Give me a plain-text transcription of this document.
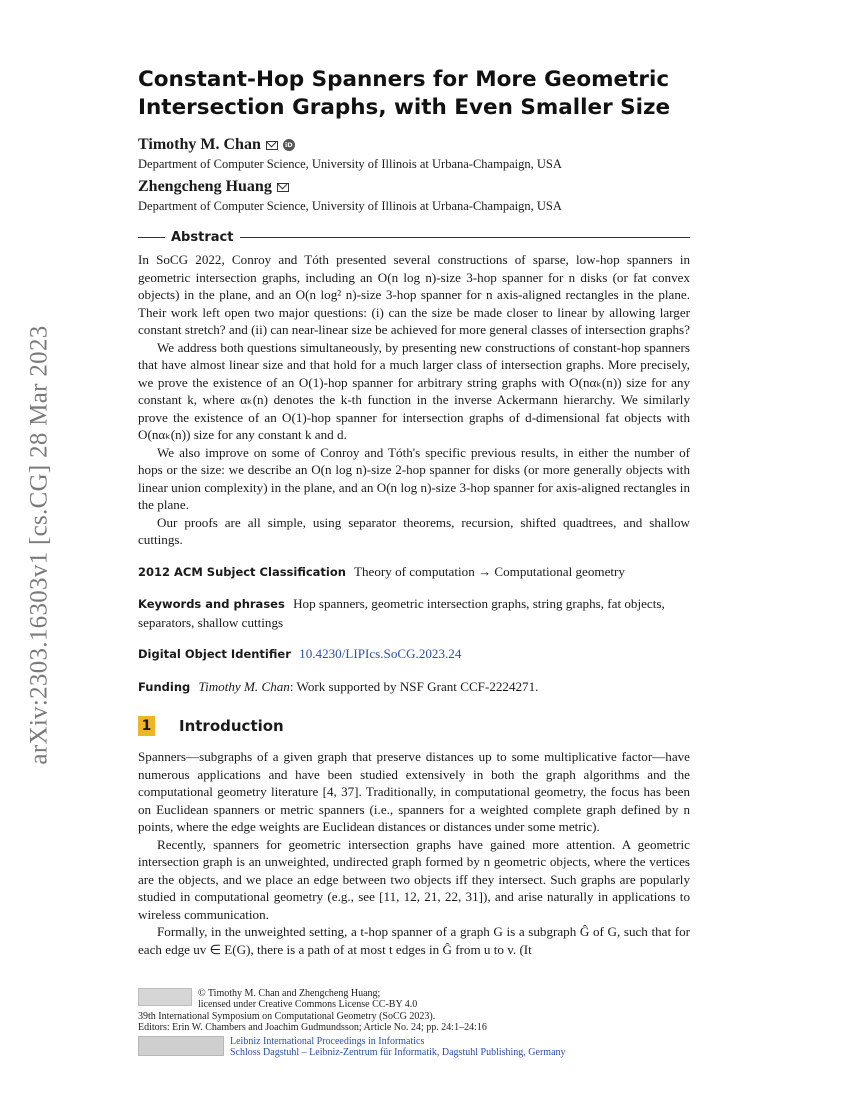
arXiv:2303.16303v1 [cs.CG] 28 Mar 2023
Constant-Hop Spanners for More Geometric Intersection Graphs, with Even Smaller Size
Timothy M. Chan	iD
Department of Computer Science, University of Illinois at Urbana-Champaign, USA
Zhengcheng Huang
Department of Computer Science, University of Illinois at Urbana-Champaign, USA
Abstract

In SoCG 2022, Conroy and Tóth presented several constructions of sparse, low-hop spanners in geometric intersection graphs, including an O(n log n)-size 3-hop spanner for n disks (or fat convex objects) in the plane, and an O(n log² n)-size 3-hop spanner for n axis-aligned rectangles in the plane. Their work left open two major questions: (i) can the size be made closer to linear by allowing larger constant stretch? and (ii) can near-linear size be achieved for more general classes of intersection graphs?

We address both questions simultaneously, by presenting new constructions of constant-hop spanners that have almost linear size and that hold for a much larger class of intersection graphs. More precisely, we prove the existence of an O(1)-hop spanner for arbitrary string graphs with O(nαₖ(n)) size for any constant k, where αₖ(n) denotes the k-th function in the inverse Ackermann hierarchy. We similarly prove the existence of an O(1)-hop spanner for intersection graphs of d-dimensional fat objects with O(nαₖ(n)) size for any constant k and d.

We also improve on some of Conroy and Tóth's specific previous results, in either the number of hops or the size: we describe an O(n log n)-size 2-hop spanner for disks (or more generally objects with linear union complexity) in the plane, and an O(n log n)-size 3-hop spanner for axis-aligned rectangles in the plane.

Our proofs are all simple, using separator theorems, recursion, shifted quadtrees, and shallow cuttings.

2012 ACM Subject Classification Theory of computation → Computational geometry
Keywords and phrases Hop spanners, geometric intersection graphs, string graphs, fat objects, separators, shallow cuttings
Digital Object Identifier 10.4230/LIPIcs.SoCG.2023.24
Funding Timothy M. Chan: Work supported by NSF Grant CCF-2224271.
1 Introduction

Spanners—subgraphs of a given graph that preserve distances up to some multiplicative factor—have numerous applications and have been studied extensively in both the graph algorithms and the computational geometry literature [4, 37]. Traditionally, in computational geometry, the focus has been on Euclidean spanners or metric spanners (i.e., spanners for a weighted complete graph defined by n points, where the edge weights are Euclidean distances or distances under some metric).

Recently, spanners for geometric intersection graphs have gained more attention. A geometric intersection graph is an unweighted, undirected graph formed by n geometric objects, where the vertices are the objects, and we place an edge between two objects iff they intersect. Such graphs are popularly studied in computational geometry (e.g., see [11, 12, 21, 22, 31]), and arise naturally in applications to wireless communication.

Formally, in the unweighted setting, a t-hop spanner of a graph G is a subgraph Ĝ of G, such that for each edge uv ∈ E(G), there is a path of at most t edges in Ĝ from u to v. (It

© Timothy M. Chan and Zhengcheng Huang;
licensed under Creative Commons License CC-BY 4.0
39th International Symposium on Computational Geometry (SoCG 2023).
Editors: Erin W. Chambers and Joachim Gudmundsson; Article No. 24; pp. 24:1–24:16
Leibniz International Proceedings in Informatics
Schloss Dagstuhl – Leibniz-Zentrum für Informatik, Dagstuhl Publishing, Germany
